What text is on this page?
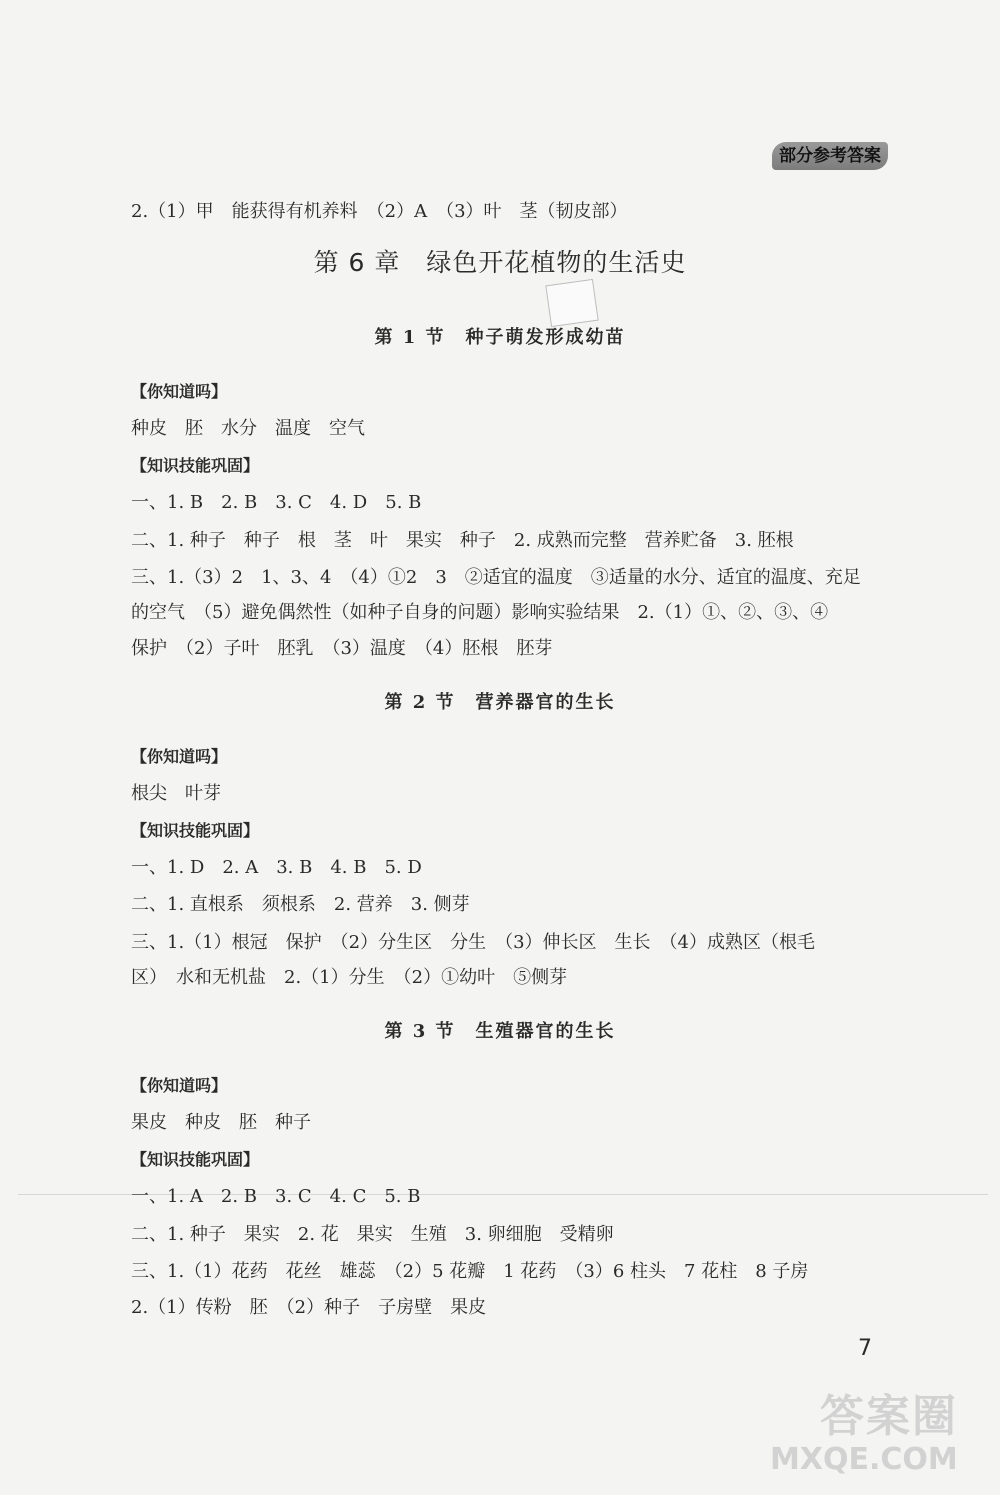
部分参考答案
2.（1）甲　能获得有机养料　（2）A　（3）叶　茎（韧皮部）
第 6 章　绿色开花植物的生活史
第 1 节　种子萌发形成幼苗
【你知道吗】
种皮　胚　水分　温度　空气
【知识技能巩固】
一、1. B　2. B　3. C　4. D　5. B
二、1. 种子　种子　根　茎　叶　果实　种子　2. 成熟而完整　营养贮备　3. 胚根
三、1.（3）2　1、3、4　（4）①2　3　②适宜的温度　③适量的水分、适宜的温度、充足
的空气　（5）避免偶然性（如种子自身的问题）影响实验结果　2.（1）①、②、③、④
保护　（2）子叶　胚乳　（3）温度　（4）胚根　胚芽
第 2 节　营养器官的生长
【你知道吗】
根尖　叶芽
【知识技能巩固】
一、1. D　2. A　3. B　4. B　5. D
二、1. 直根系　须根系　2. 营养　3. 侧芽
三、1.（1）根冠　保护　（2）分生区　分生　（3）伸长区　生长　（4）成熟区（根毛
区）　水和无机盐　2.（1）分生　（2）①幼叶　⑤侧芽
第 3 节　生殖器官的生长
【你知道吗】
果皮　种皮　胚　种子
【知识技能巩固】
一、1. A　2. B　3. C　4. C　5. B
二、1. 种子　果实　2. 花　果实　生殖　3. 卵细胞　受精卵
三、1.（1）花药　花丝　雄蕊　（2）5 花瓣　1 花药　（3）6 柱头　7 花柱　8 子房
2.（1）传粉　胚　（2）种子　子房壁　果皮
7
答案圈
MXQE.COM
